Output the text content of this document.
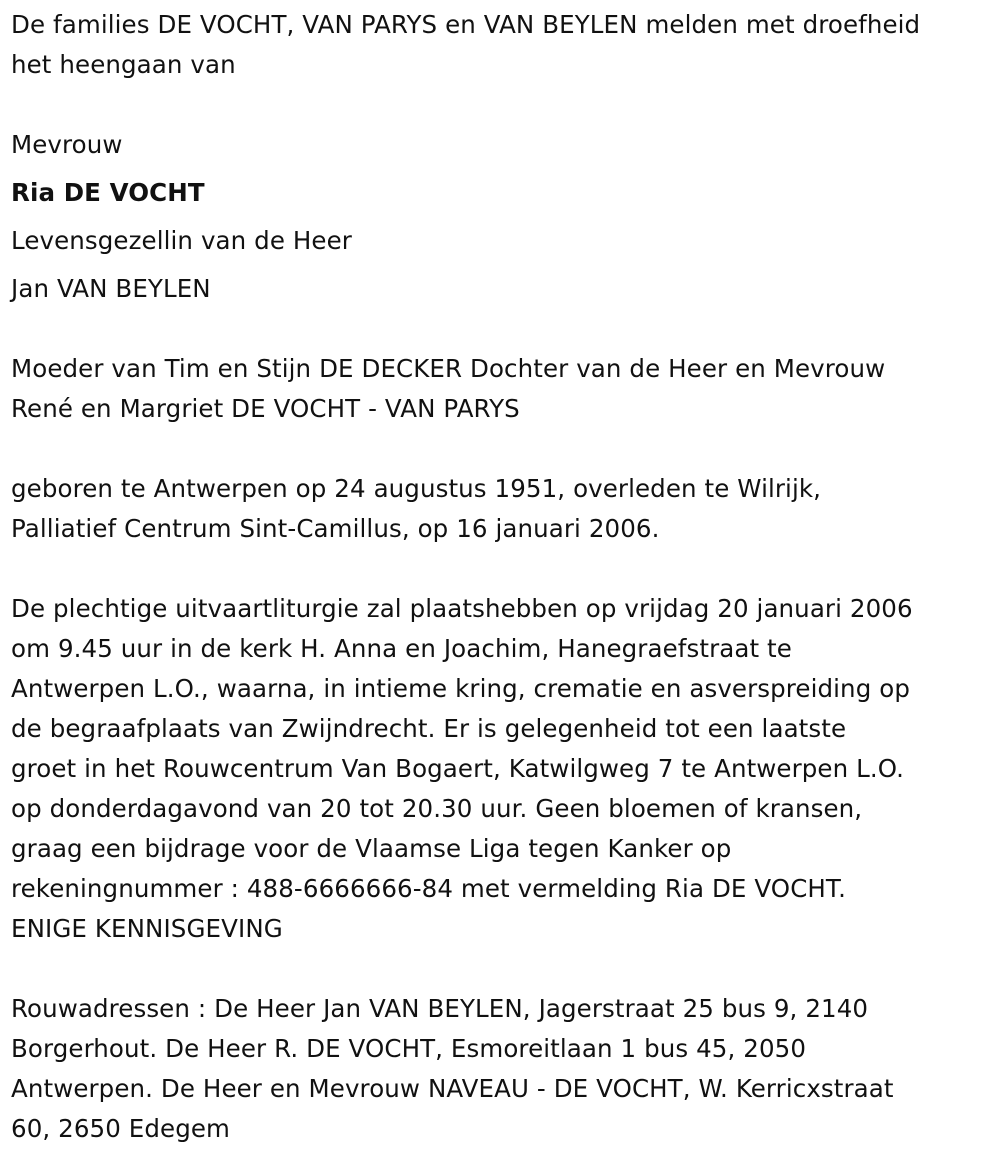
De families DE VOCHT, VAN PARYS en VAN BEYLEN melden met droefheid
het heengaan van
Mevrouw
Ria DE VOCHT
Levensgezellin van de Heer
Jan VAN BEYLEN
Moeder van Tim en Stijn DE DECKER Dochter van de Heer en Mevrouw
René en Margriet DE VOCHT - VAN PARYS
geboren te Antwerpen op 24 augustus 1951, overleden te Wilrijk,
Palliatief Centrum Sint-Camillus, op 16 januari 2006.
De plechtige uitvaartliturgie zal plaatshebben op vrijdag 20 januari 2006
om 9.45 uur in de kerk H. Anna en Joachim, Hanegraefstraat te
Antwerpen L.O., waarna, in intieme kring, crematie en asverspreiding op
de begraafplaats van Zwijndrecht. Er is gelegenheid tot een laatste
groet in het Rouwcentrum Van Bogaert, Katwilgweg 7 te Antwerpen L.O.
op donderdagavond van 20 tot 20.30 uur. Geen bloemen of kransen,
graag een bijdrage voor de Vlaamse Liga tegen Kanker op
rekeningnummer : 488-6666666-84 met vermelding Ria DE VOCHT.
ENIGE KENNISGEVING
Rouwadressen : De Heer Jan VAN BEYLEN, Jagerstraat 25 bus 9, 2140
Borgerhout. De Heer R. DE VOCHT, Esmoreitlaan 1 bus 45, 2050
Antwerpen. De Heer en Mevrouw NAVEAU - DE VOCHT, W. Kerricxstraat
60, 2650 Edegem
